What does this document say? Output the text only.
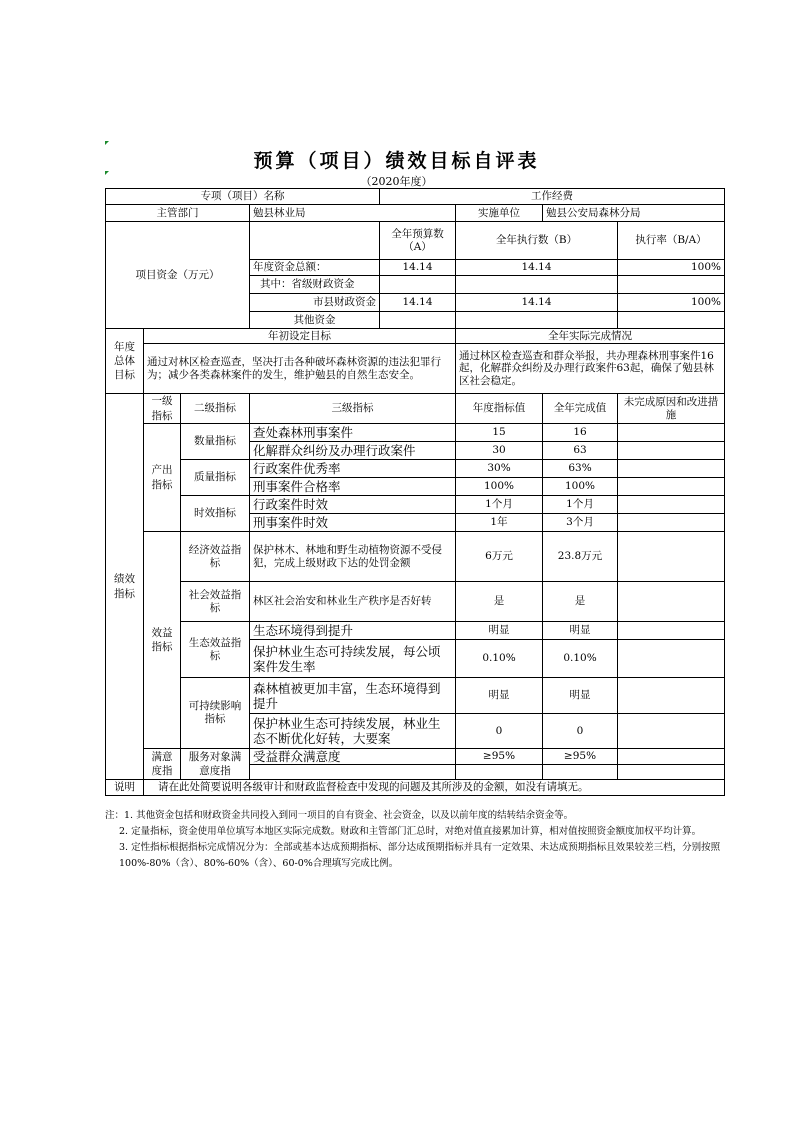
预算（项目）绩效目标自评表
（2020年度）
专项（项目）名称				工作经费			
主管部门			勉县林业局		实施单位	勉县公安局森林分局	
项目资金（万元）				全年预算数（A）	全年执行数（B）		执行率（B/A）
			年度资金总额：	14.14	14.14		100%
			其中：省级财政资金				
			市县财政资金	14.14	14.14		100%
			其他资金				
年度总体目标	年初设定目标				全年实际完成情况		
	通过对林区检查巡查，坚决打击各种破坏森林资源的违法犯罪行为；减少各类森林案件的发生，维护勉县的自然生态安全。				通过林区检查巡查和群众举报，共办理森林刑事案件16起，化解群众纠纷及办理行政案件63起，确保了勉县林区社会稳定。		
绩效指标	一级指标	二级指标	三级指标		年度指标值	全年完成值	未完成原因和改进措施
	产出指标	数量指标	查处森林刑事案件		15	16	
			化解群众纠纷及办理行政案件		30	63	
		质量指标	行政案件优秀率		30%	63%	
			刑事案件合格率		100%	100%	
		时效指标	行政案件时效		1个月	1个月	
			刑事案件时效		1年	3个月	
	效益指标	经济效益指标	保护林木、林地和野生动植物资源不受侵犯，完成上级财政下达的处罚金额		6万元	23.8万元	
		社会效益指标	林区社会治安和林业生产秩序是否好转		是	是	
		生态效益指标	生态环境得到提升		明显	明显	
			保护林业生态可持续发展，每公顷案件发生率		0.10%	0.10%	
		可持续影响指标	森林植被更加丰富，生态环境得到提升		明显	明显	
			保护林业生态可持续发展，林业生态不断优化好转，大要案		0	0	
	满意度指	服务对象满意度指	受益群众满意度		≥95%	≥95%	

说明	请在此处简要说明各级审计和财政监督检查中发现的问题及其所涉及的金额，如没有请填无。						

注：1. 其他资金包括和财政资金共同投入到同一项目的自有资金、社会资金，以及以前年度的结转结余资金等。

2. 定量指标，资金使用单位填写本地区实际完成数。财政和主管部门汇总时，对绝对值直接累加计算，相对值按照资金额度加权平均计算。

3. 定性指标根据指标完成情况分为：全部或基本达成预期指标、部分达成预期指标并具有一定效果、未达成预期指标且效果较差三档，分别按照100%-80%（含）、80%-60%（含）、60-0%合理填写完成比例。
